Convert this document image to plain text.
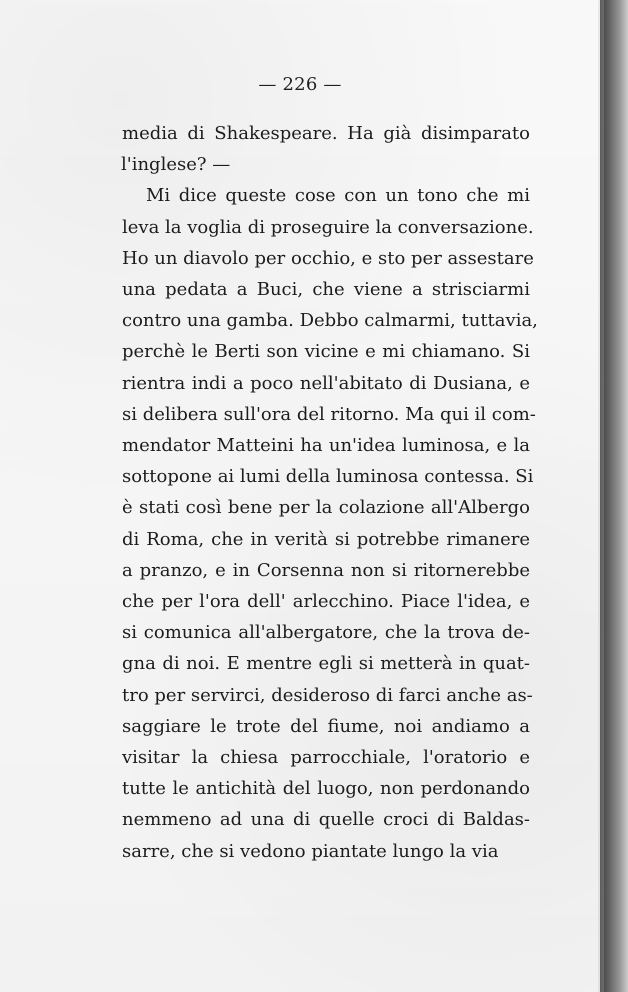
— 226 —
media di Shakespeare. Ha già disimparato
l'inglese? —
Mi dice queste cose con un tono che mi
leva la voglia di proseguire la conversazione.
Ho un diavolo per occhio, e sto per assestare
una pedata a Buci, che viene a strisciarmi
contro una gamba. Debbo calmarmi, tuttavia,
perchè le Berti son vicine e mi chiamano. Si
rientra indi a poco nell'abitato di Dusiana, e
si delibera sull'ora del ritorno. Ma qui il com-
mendator Matteini ha un'idea luminosa, e la
sottopone ai lumi della luminosa contessa. Si
è stati così bene per la colazione all'Albergo
di Roma, che in verità si potrebbe rimanere
a pranzo, e in Corsenna non si ritornerebbe
che per l'ora dell' arlecchino. Piace l'idea, e
si comunica all'albergatore, che la trova de-
gna di noi. E mentre egli si metterà in quat-
tro per servirci, desideroso di farci anche as-
saggiare le trote del fiume, noi andiamo a
visitar la chiesa parrocchiale, l'oratorio e
tutte le antichità del luogo, non perdonando
nemmeno ad una di quelle croci di Baldas-
sarre, che si vedono piantate lungo la via
